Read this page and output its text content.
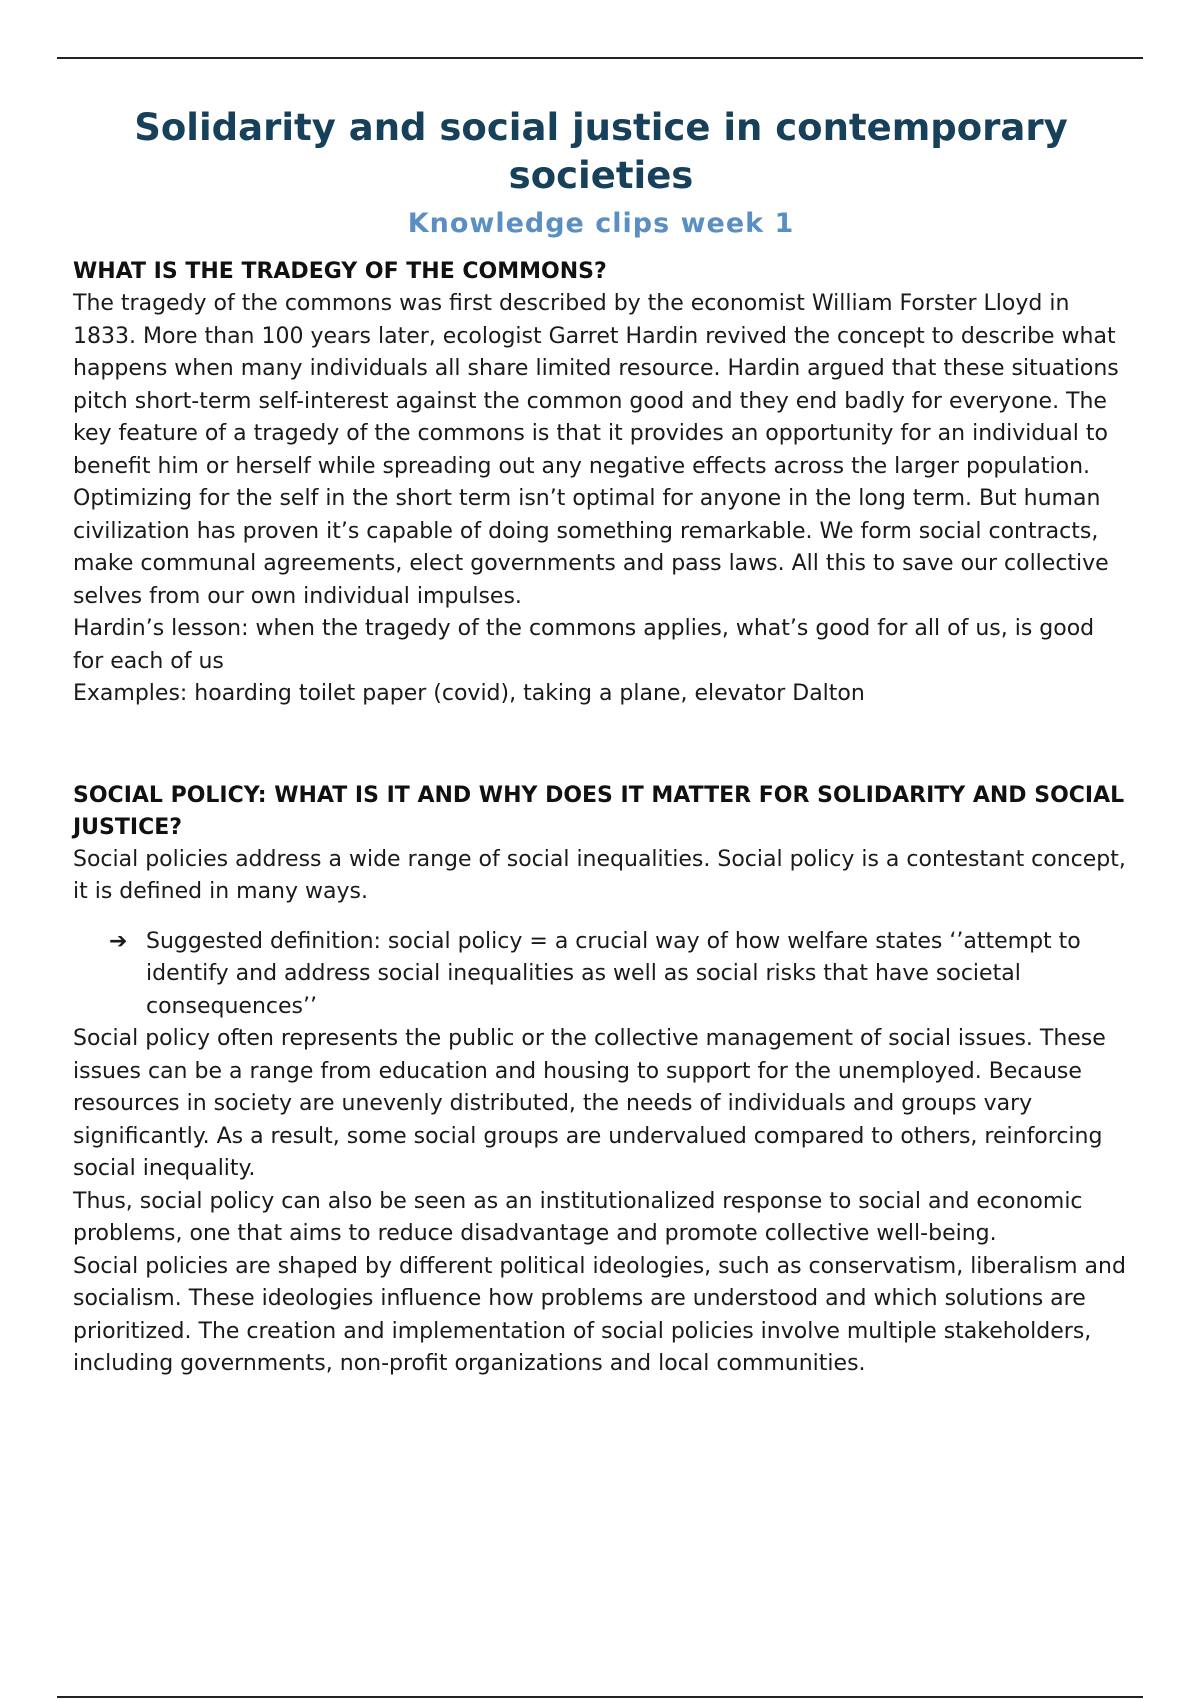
Solidarity and social justice in contemporary societies
Knowledge clips week 1
WHAT IS THE TRADEGY OF THE COMMONS?

The tragedy of the commons was first described by the economist William Forster Lloyd in 1833. More than 100 years later, ecologist Garret Hardin revived the concept to describe what happens when many individuals all share limited resource. Hardin argued that these situations pitch short-term self-interest against the common good and they end badly for everyone. The key feature of a tragedy of the commons is that it provides an opportunity for an individual to benefit him or herself while spreading out any negative effects across the larger population.

Optimizing for the self in the short term isn’t optimal for anyone in the long term. But human civilization has proven it’s capable of doing something remarkable. We form social contracts, make communal agreements, elect governments and pass laws. All this to save our collective selves from our own individual impulses.

Hardin’s lesson: when the tragedy of the commons applies, what’s good for all of us, is good for each of us

Examples: hoarding toilet paper (covid), taking a plane, elevator Dalton

SOCIAL POLICY: WHAT IS IT AND WHY DOES IT MATTER FOR SOLIDARITY AND SOCIAL JUSTICE?

Social policies address a wide range of social inequalities. Social policy is a contestant concept, it is defined in many ways.

➔ Suggested definition: social policy = a crucial way of how welfare states ‘’attempt to identify and address social inequalities as well as social risks that have societal consequences’’

Social policy often represents the public or the collective management of social issues. These issues can be a range from education and housing to support for the unemployed. Because resources in society are unevenly distributed, the needs of individuals and groups vary significantly. As a result, some social groups are undervalued compared to others, reinforcing social inequality.

Thus, social policy can also be seen as an institutionalized response to social and economic problems, one that aims to reduce disadvantage and promote collective well-being.

Social policies are shaped by different political ideologies, such as conservatism, liberalism and socialism. These ideologies influence how problems are understood and which solutions are prioritized. The creation and implementation of social policies involve multiple stakeholders, including governments, non-profit organizations and local communities.
